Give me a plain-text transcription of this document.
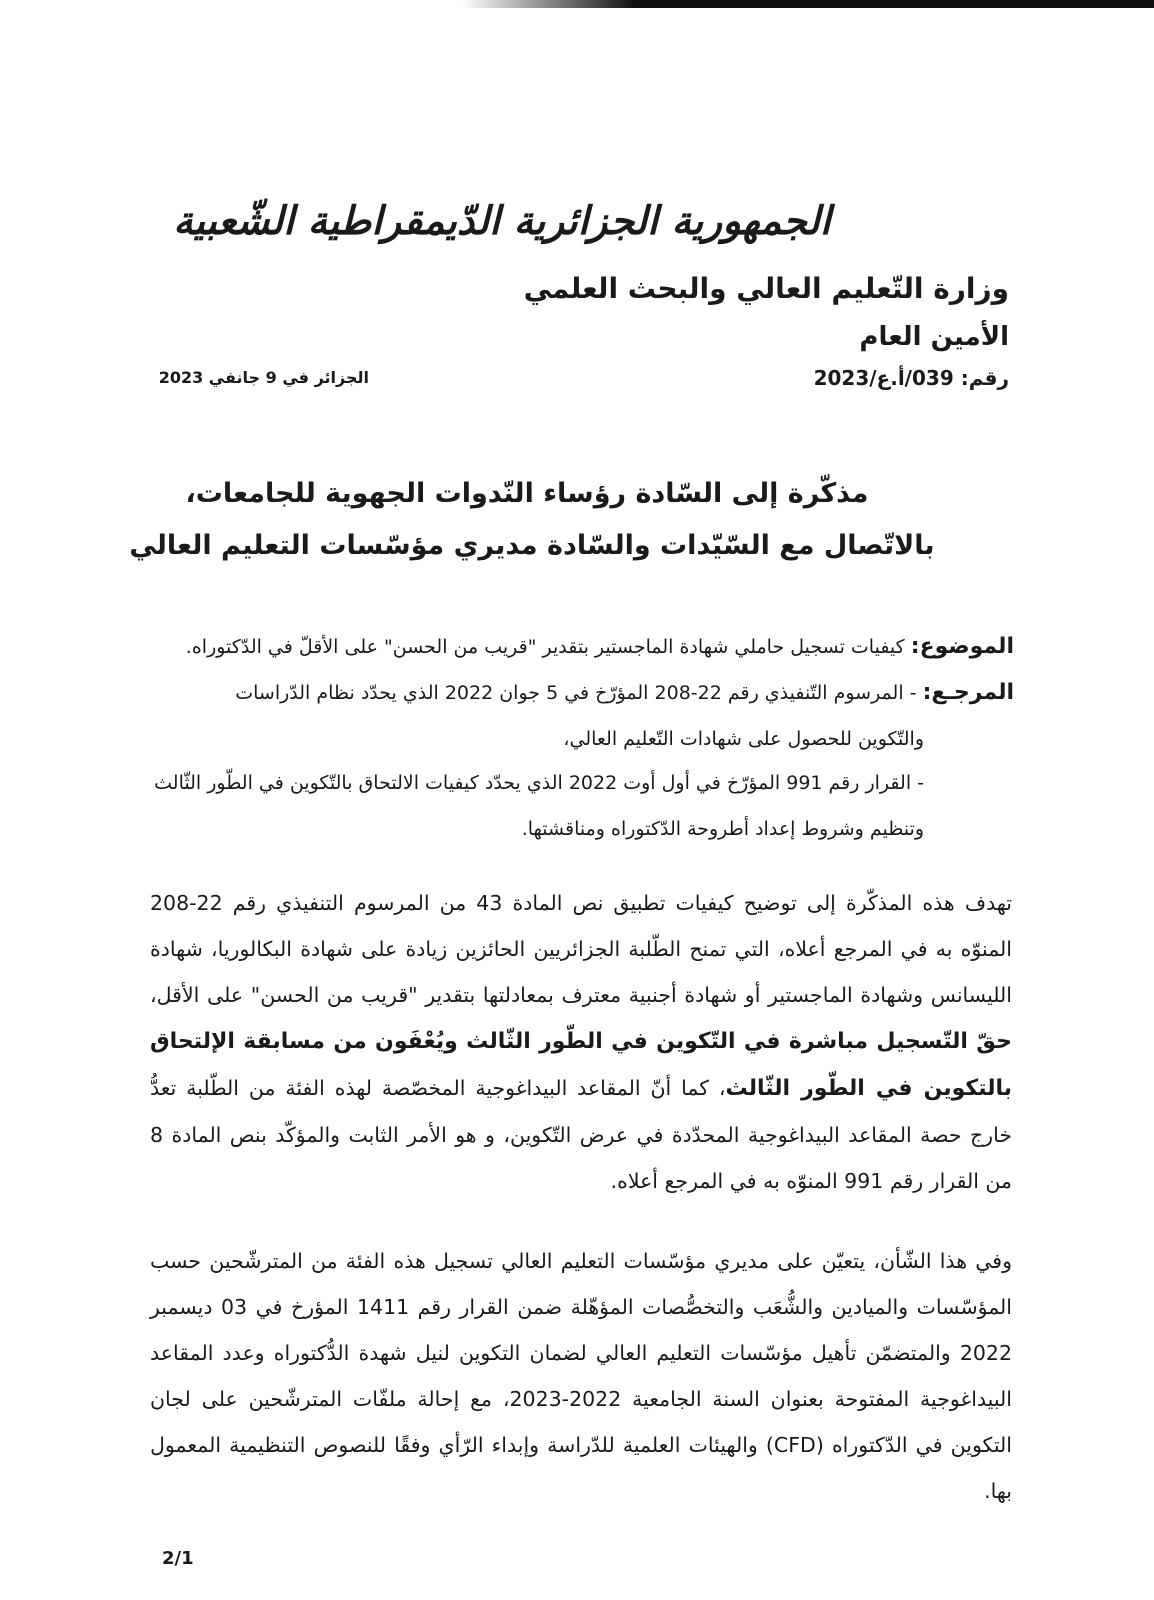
الجمهورية الجزائرية الدّيمقراطية الشّعبية
وزارة التّعليم العالي والبحث العلمي
الأمين العام
رقم: 039/أ.ع/2023
الجزائر في 9 جانفي 2023
مذكّرة إلى السّادة رؤساء النّدوات الجهوية للجامعات،
بالاتّصال مع السّيّدات والسّادة مديري مؤسّسات التعليم العالي
الموضوع: كيفيات تسجيل حاملي شهادة الماجستير بتقدير "قريب من الحسن" على الأقلّ في الدّكتوراه.
المرجـع: - المرسوم التّنفيذي رقم 22-208 المؤرّخ في 5 جوان 2022 الذي يحدّد نظام الدّراسات
والتّكوين للحصول على شهادات التّعليم العالي،
- القرار رقم 991 المؤرّخ في أول أوت 2022 الذي يحدّد كيفيات الالتحاق بالتّكوين في الطّور الثّالث
وتنظيم وشروط إعداد أطروحة الدّكتوراه ومناقشتها.
تهدف هذه المذكّرة إلى توضيح كيفيات تطبيق نص المادة 43 من المرسوم التنفيذي رقم 22-208 المنوّه به في المرجع أعلاه، التي تمنح الطّلبة الجزائريين الحائزين زيادة على شهادة البكالوريا، شهادة الليسانس وشهادة الماجستير أو شهادة أجنبية معترف بمعادلتها بتقدير "قريب من الحسن" على الأقل، حقّ التّسجيل مباشرة في التّكوين في الطّور الثّالث ويُعْفَون من مسابقة الإلتحاق بالتكوين في الطّور الثّالث، كما أنّ المقاعد البيداغوجية المخصّصة لهذه الفئة من الطّلبة تعدُّ خارج حصة المقاعد البيداغوجية المحدّدة في عرض التّكوين، و هو الأمر الثابت والمؤكّد بنص المادة 8 من القرار رقم 991 المنوّه به في المرجع أعلاه.
وفي هذا الشّأن، يتعيّن على مديري مؤسّسات التعليم العالي تسجيل هذه الفئة من المترشّحين حسب المؤسّسات والميادين والشُّعَب والتخصُّصات المؤهّلة ضمن القرار رقم 1411 المؤرخ في 03 ديسمبر 2022 والمتضمّن تأهيل مؤسّسات التعليم العالي لضمان التكوين لنيل شهدة الدُّكتوراه وعدد المقاعد البيداغوجية المفتوحة بعنوان السنة الجامعية 2022-2023، مع إحالة ملفّات المترشّحين على لجان التكوين في الدّكتوراه (CFD) والهيئات العلمية للدّراسة وإبداء الرّأي وفقًا للنصوص التنظيمية المعمول بها.
2/1
